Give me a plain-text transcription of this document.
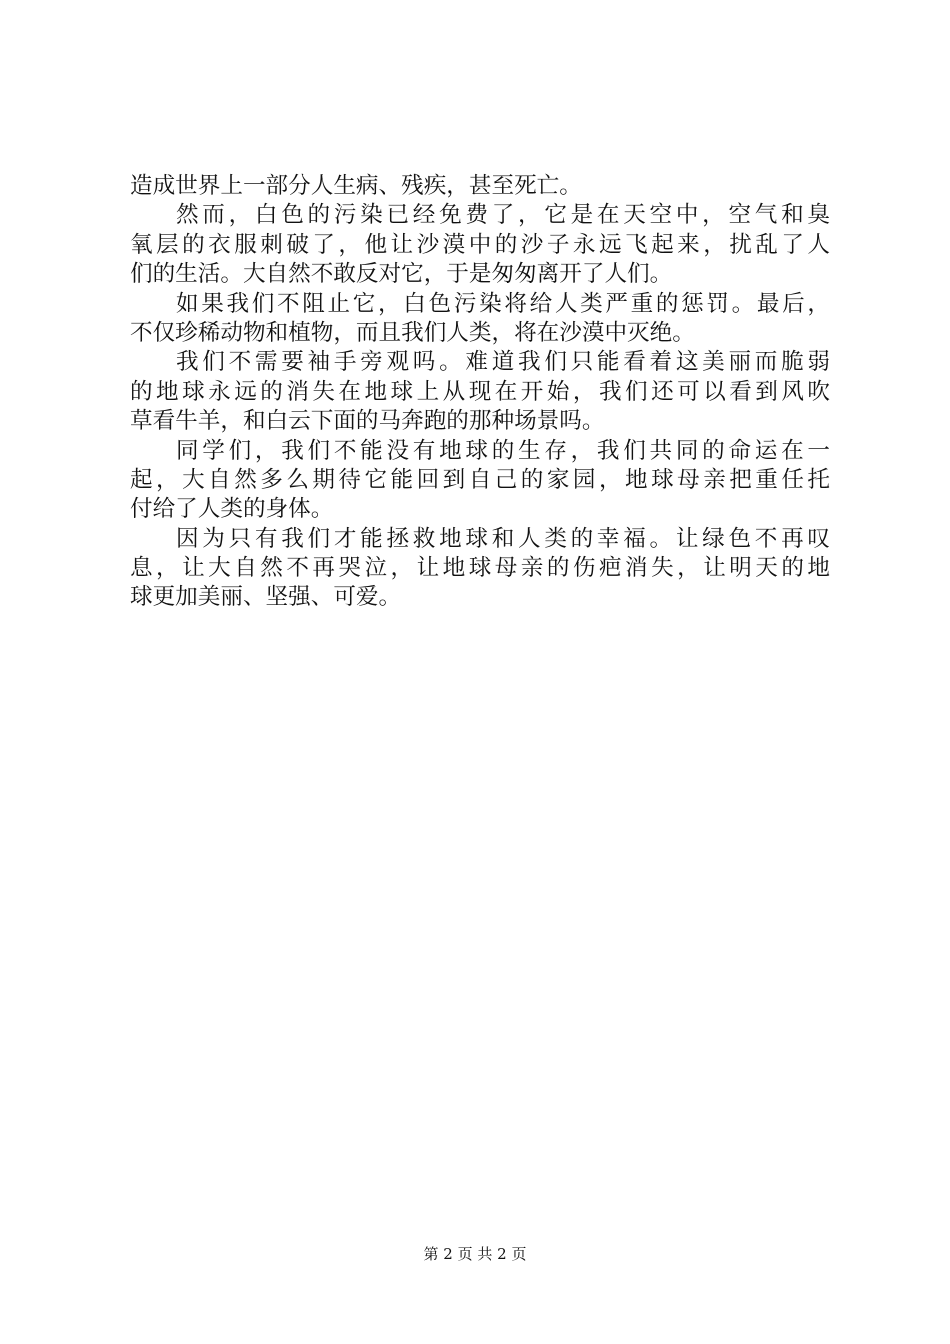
造成世界上一部分人生病、残疾，甚至死亡。
然而，白色的污染已经免费了，它是在天空中，空气和臭
氧层的衣服刺破了，他让沙漠中的沙子永远飞起来，扰乱了人
们的生活。大自然不敢反对它，于是匆匆离开了人们。
如果我们不阻止它，白色污染将给人类严重的惩罚。最后，
不仅珍稀动物和植物，而且我们人类，将在沙漠中灭绝。
我们不需要袖手旁观吗。难道我们只能看着这美丽而脆弱
的地球永远的消失在地球上从现在开始，我们还可以看到风吹
草看牛羊，和白云下面的马奔跑的那种场景吗。
同学们，我们不能没有地球的生存，我们共同的命运在一
起，大自然多么期待它能回到自己的家园，地球母亲把重任托
付给了人类的身体。
因为只有我们才能拯救地球和人类的幸福。让绿色不再叹
息，让大自然不再哭泣，让地球母亲的伤疤消失，让明天的地
球更加美丽、坚强、可爱。
第 2 页 共 2 页
